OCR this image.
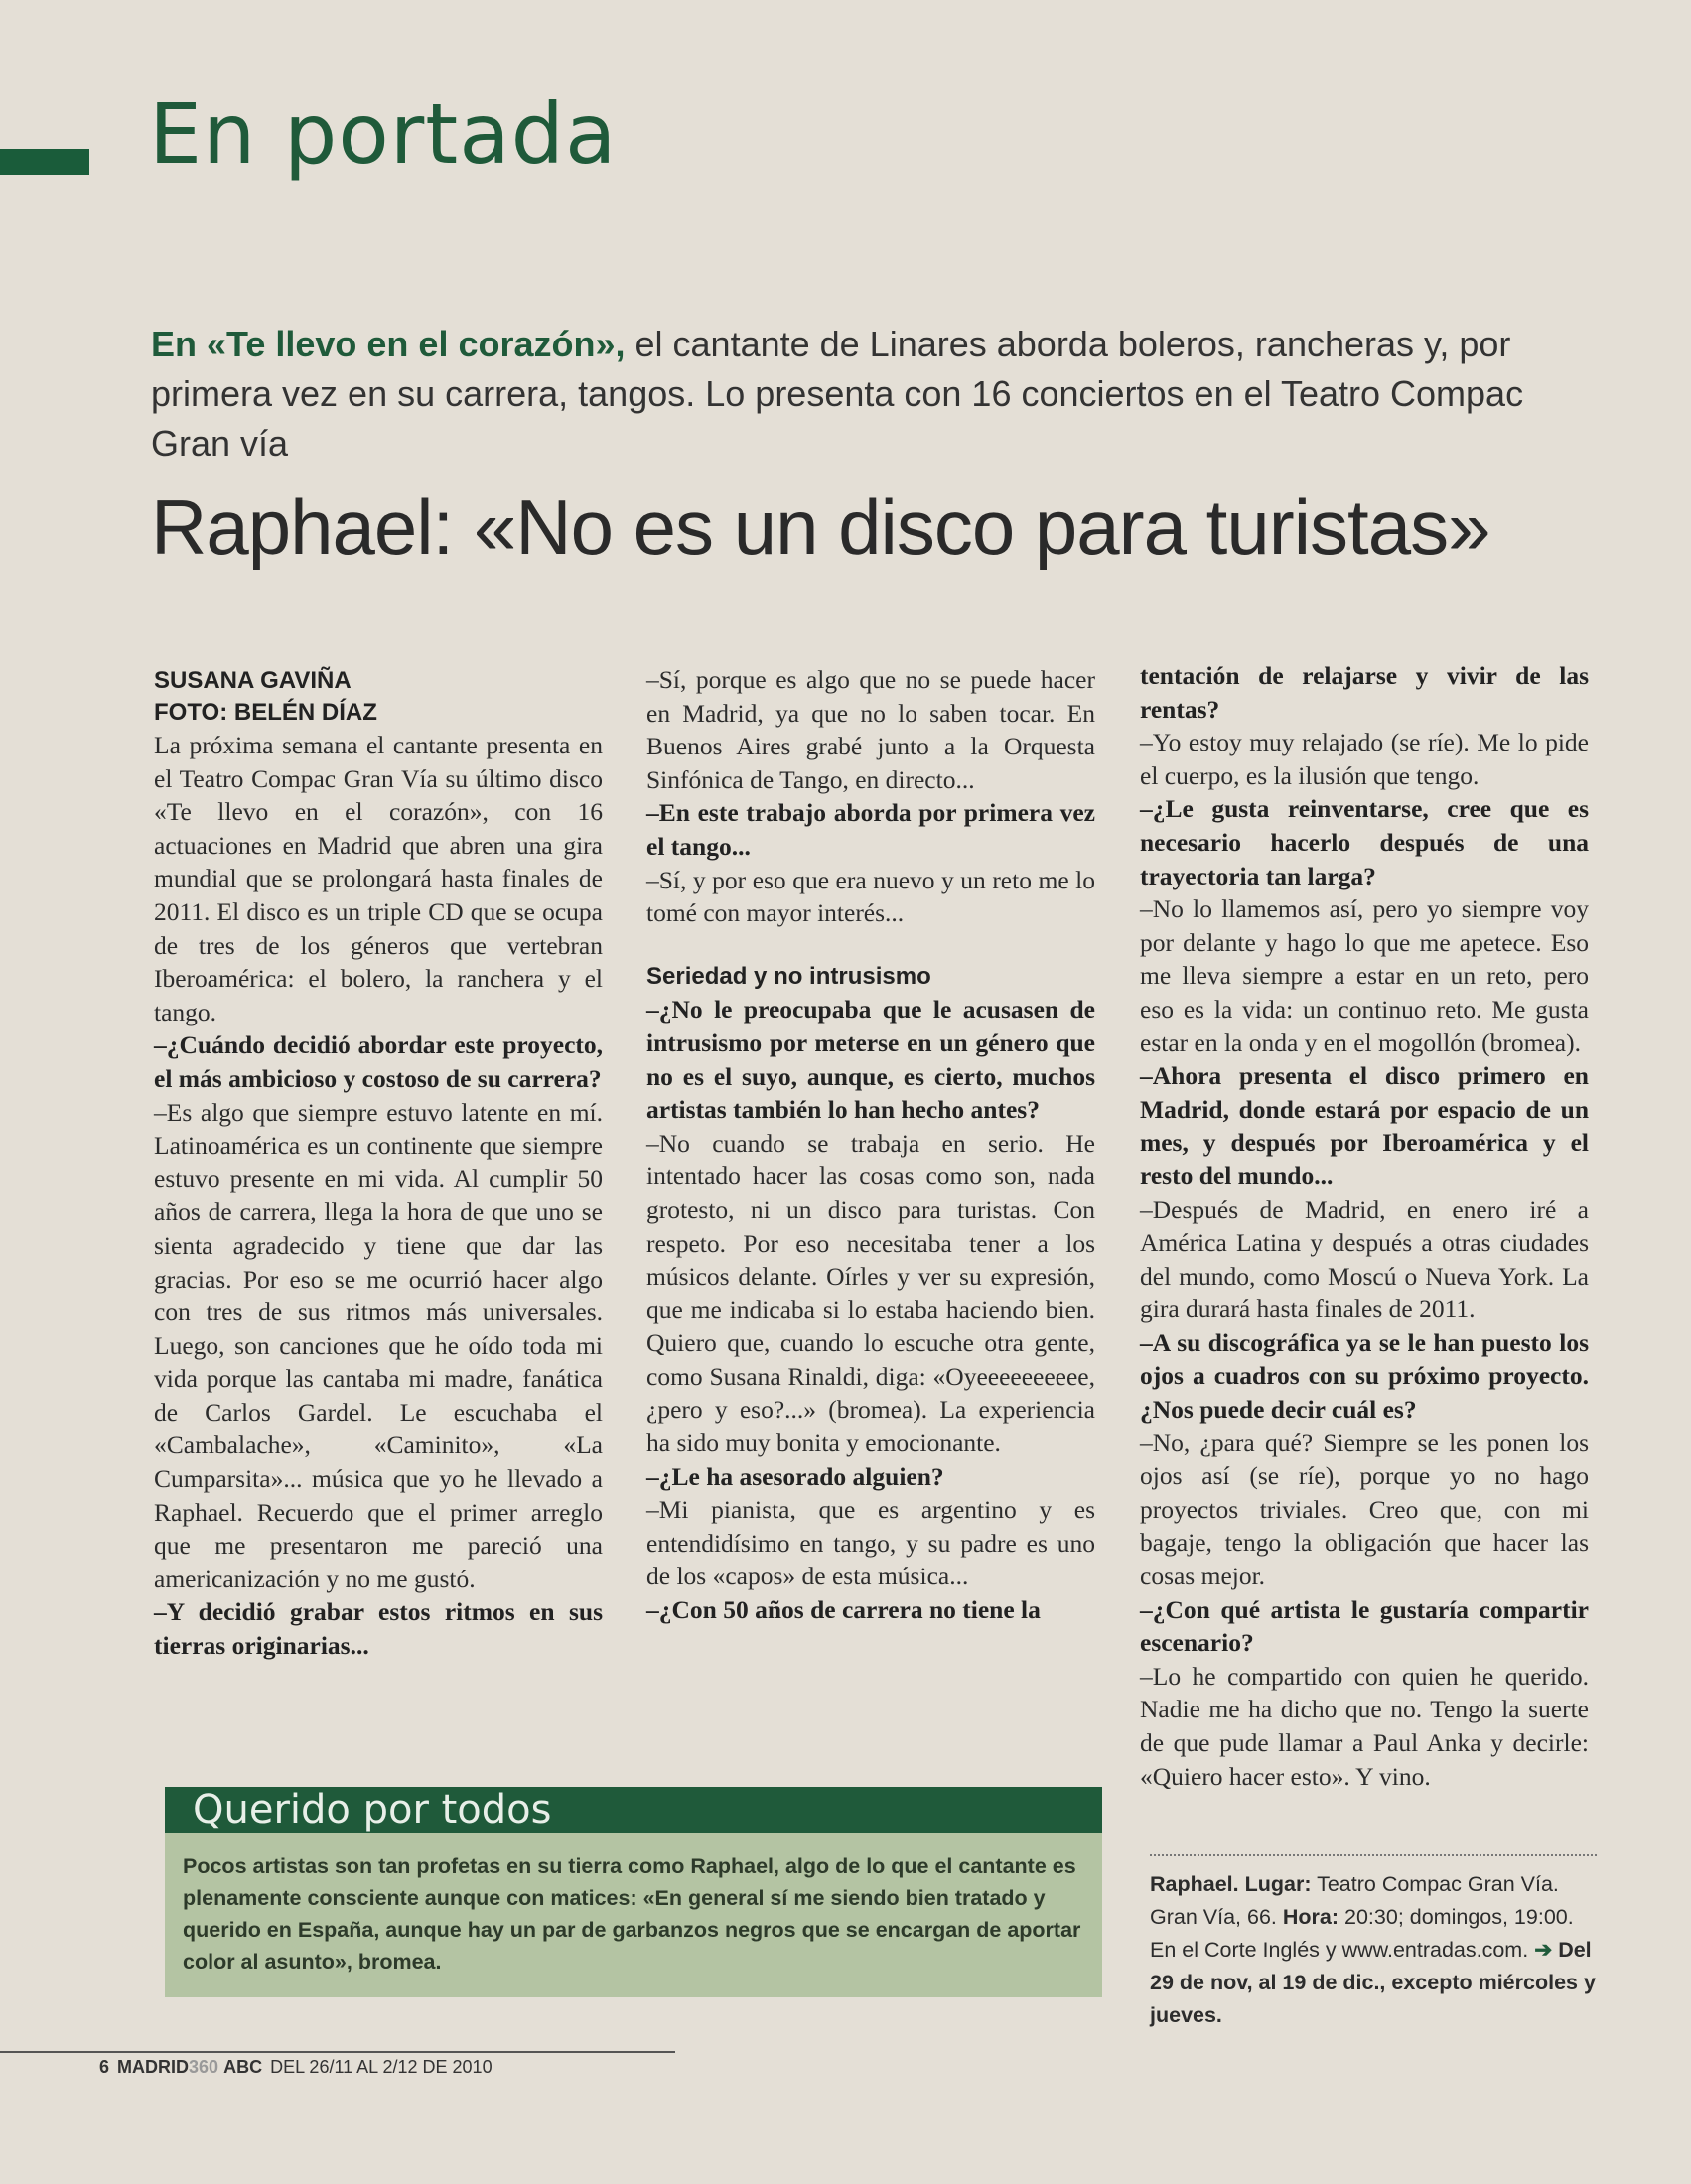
En portada

En «Te llevo en el corazón», el cantante de Linares aborda boleros, rancheras y, por primera vez en su carrera, tangos. Lo presenta con 16 conciertos en el Teatro Compac Gran vía

Raphael: «No es un disco para turistas»

SUSANA GAVIÑA

FOTO: BELÉN DÍAZ

La próxima semana el cantante presenta en el Teatro Compac Gran Vía su último disco «Te llevo en el corazón», con 16 actuaciones en Madrid que abren una gira mundial que se prolongará hasta finales de 2011. El disco es un triple CD que se ocupa de tres de los géneros que vertebran Iberoamérica: el bolero, la ranchera y el tango.

–¿Cuándo decidió abordar este proyecto, el más ambicioso y costoso de su carrera?

–Es algo que siempre estuvo latente en mí. Latinoamérica es un continente que siempre estuvo presente en mi vida. Al cumplir 50 años de carrera, llega la hora de que uno se sienta agradecido y tiene que dar las gracias. Por eso se me ocurrió hacer algo con tres de sus ritmos más universales. Luego, son canciones que he oído toda mi vida porque las cantaba mi madre, fanática de Carlos Gardel. Le escuchaba el «Cambalache», «Caminito», «La Cumparsita»... música que yo he llevado a Raphael. Recuerdo que el primer arreglo que me presentaron me pareció una americanización y no me gustó.

–Y decidió grabar estos ritmos en sus tierras originarias...

–Sí, porque es algo que no se puede hacer en Madrid, ya que no lo saben tocar. En Buenos Aires grabé junto a la Orquesta Sinfónica de Tango, en directo...

–En este trabajo aborda por primera vez el tango...

–Sí, y por eso que era nuevo y un reto me lo tomé con mayor interés...

Seriedad y no intrusismo

–¿No le preocupaba que le acusasen de intrusismo por meterse en un género que no es el suyo, aunque, es cierto, muchos artistas también lo han hecho antes?

–No cuando se trabaja en serio. He intentado hacer las cosas como son, nada grotesto, ni un disco para turistas. Con respeto. Por eso necesitaba tener a los músicos delante. Oírles y ver su expresión, que me indicaba si lo estaba haciendo bien. Quiero que, cuando lo escuche otra gente, como Susana Rinaldi, diga: «Oyeeeeeeeeee, ¿pero y eso?...» (bromea). La experiencia ha sido muy bonita y emocionante.

–¿Le ha asesorado alguien?

–Mi pianista, que es argentino y es entendidísimo en tango, y su padre es uno de los «capos» de esta música...

–¿Con 50 años de carrera no tiene la

tentación de relajarse y vivir de las rentas?

–Yo estoy muy relajado (se ríe). Me lo pide el cuerpo, es la ilusión que tengo.

–¿Le gusta reinventarse, cree que es necesario hacerlo después de una trayectoria tan larga?

–No lo llamemos así, pero yo siempre voy por delante y hago lo que me apetece. Eso me lleva siempre a estar en un reto, pero eso es la vida: un continuo reto. Me gusta estar en la onda y en el mogollón (bromea).

–Ahora presenta el disco primero en Madrid, donde estará por espacio de un mes, y después por Iberoamérica y el resto del mundo...

–Después de Madrid, en enero iré a América Latina y después a otras ciudades del mundo, como Moscú o Nueva York. La gira durará hasta finales de 2011.

–A su discográfica ya se le han puesto los ojos a cuadros con su próximo proyecto. ¿Nos puede decir cuál es?

–No, ¿para qué? Siempre se les ponen los ojos así (se ríe), porque yo no hago proyectos triviales. Creo que, con mi bagaje, tengo la obligación que hacer las cosas mejor.

–¿Con qué artista le gustaría compartir escenario?

–Lo he compartido con quien he querido. Nadie me ha dicho que no. Tengo la suerte de que pude llamar a Paul Anka y decirle: «Quiero hacer esto». Y vino.

Querido por todos

Pocos artistas son tan profetas en su tierra como Raphael, algo de lo que el cantante es plenamente consciente aunque con matices: «En general sí me siendo bien tratado y querido en España, aunque hay un par de garbanzos negros que se encargan de aportar color al asunto», bromea.

Raphael. Lugar: Teatro Compac Gran Vía. Gran Vía, 66. Hora: 20:30; domingos, 19:00. En el Corte Inglés y www.entradas.com. ➔ Del 29 de nov, al 19 de dic., excepto miércoles y jueves.
6 MADRID360 ABC DEL 26/11 AL 2/12 DE 2010
